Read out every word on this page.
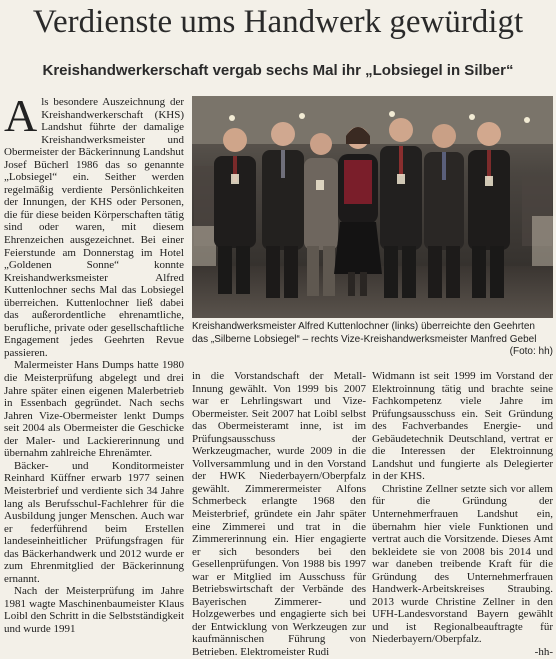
Verdienste ums Handwerk gewürdigt
Kreishandwerkerschaft vergab sechs Mal ihr „Lobsiegel in Silber“

Als besondere Auszeichnung der Kreishandwerkerschaft (KHS) Landshut führte der damalige Kreishandwerksmeister und Obermeister der Bäckerinnung Landshut Josef Bücherl 1986 das so genannte „Lobsiegel“ ein. Seither werden regelmäßig verdiente Persönlichkeiten der Innungen, der KHS oder Personen, die für diese beiden Körperschaften tätig sind oder waren, mit diesem Ehrenzeichen ausgezeichnet. Bei einer Feierstunde am Donnerstag im Hotel „Goldenen Sonne“ konnte Kreishandwerksmeister Alfred Kuttenlochner sechs Mal das Lobsiegel überreichen. Kuttenlochner ließ dabei das außerordentliche ehrenamtliche, berufliche, private oder gesellschaftliche Engagement jedes Geehrten Revue passieren.

Malermeister Hans Dumps hatte 1980 die Meisterprüfung abgelegt und drei Jahre später einen eigenen Malerbetrieb in Essenbach gegründet. Nach sechs Jahren Vize-Obermeister lenkt Dumps seit 2004 als Obermeister die Geschicke der Maler- und Lackiererinnung und übernahm zahlreiche Ehrenämter.

Bäcker- und Konditormeister Reinhard Küffner erwarb 1977 seinen Meisterbrief und verdiente sich 34 Jahre lang als Berufsschul-Fachlehrer für die Ausbildung junger Menschen. Auch war er federführend beim Erstellen landeseinheitlicher Prüfungsfragen für das Bäckerhandwerk und 2012 wurde er zum Ehrenmitglied der Bäckerinnung ernannt.

Nach der Meisterprüfung im Jahre 1981 wagte Maschinenbaumeister Klaus Loibl den Schritt in die Selbstständigkeit und wurde 1991

Kreishandwerksmeister Alfred Kuttenlochner (links) überreichte den Geehrten das „Silberne Lobsiegel“ – rechts Vize-Kreishandwerksmeister Manfred Gebel
(Foto: hh)

in die Vorstandschaft der Metall-Innung gewählt. Von 1999 bis 2007 war er Lehrlingswart und Vize-Obermeister. Seit 2007 hat Loibl selbst das Obermeisteramt inne, ist im Prüfungsausschuss der Werkzeugmacher, wurde 2009 in die Vollversammlung und in den Vorstand der HWK Niederbayern/Oberpfalz gewählt. Zimmerermeister Alfons Schmerbeck erlangte 1968 den Meisterbrief, gründete ein Jahr später eine Zimmerei und trat in die Zimmererinnung ein. Hier engagierte er sich besonders bei den Gesellenprüfungen. Von 1988 bis 1997 war er Mitglied im Ausschuss für Betriebswirtschaft der Verbände des Bayerischen Zimmerer- und Holzgewerbes und engagierte sich bei der Entwicklung von Werkzeugen zur kaufmännischen Führung von Betrieben. Elektromeister Rudi

Widmann ist seit 1999 im Vorstand der Elektroinnung tätig und brachte seine Fachkompetenz viele Jahre im Prüfungsausschuss ein. Seit Gründung des Fachverbandes Energie- und Gebäudetechnik Deutschland, vertrat er die Interessen der Elektroinnung Landshut und fungierte als Delegierter in der KHS.

Christine Zellner setzte sich vor allem für die Gründung der Unternehmerfrauen Landshut ein, übernahm hier viele Funktionen und vertrat auch die Vorsitzende. Dieses Amt bekleidete sie von 2008 bis 2014 und war daneben treibende Kraft für die Gründung des Unternehmerfrauen Handwerk-Arbeitskreises Straubing. 2013 wurde Christine Zellner in den UFH-Landesvorstand Bayern gewählt und ist Regionalbeauftragte für Niederbayern/Oberpfalz.

-hh-
